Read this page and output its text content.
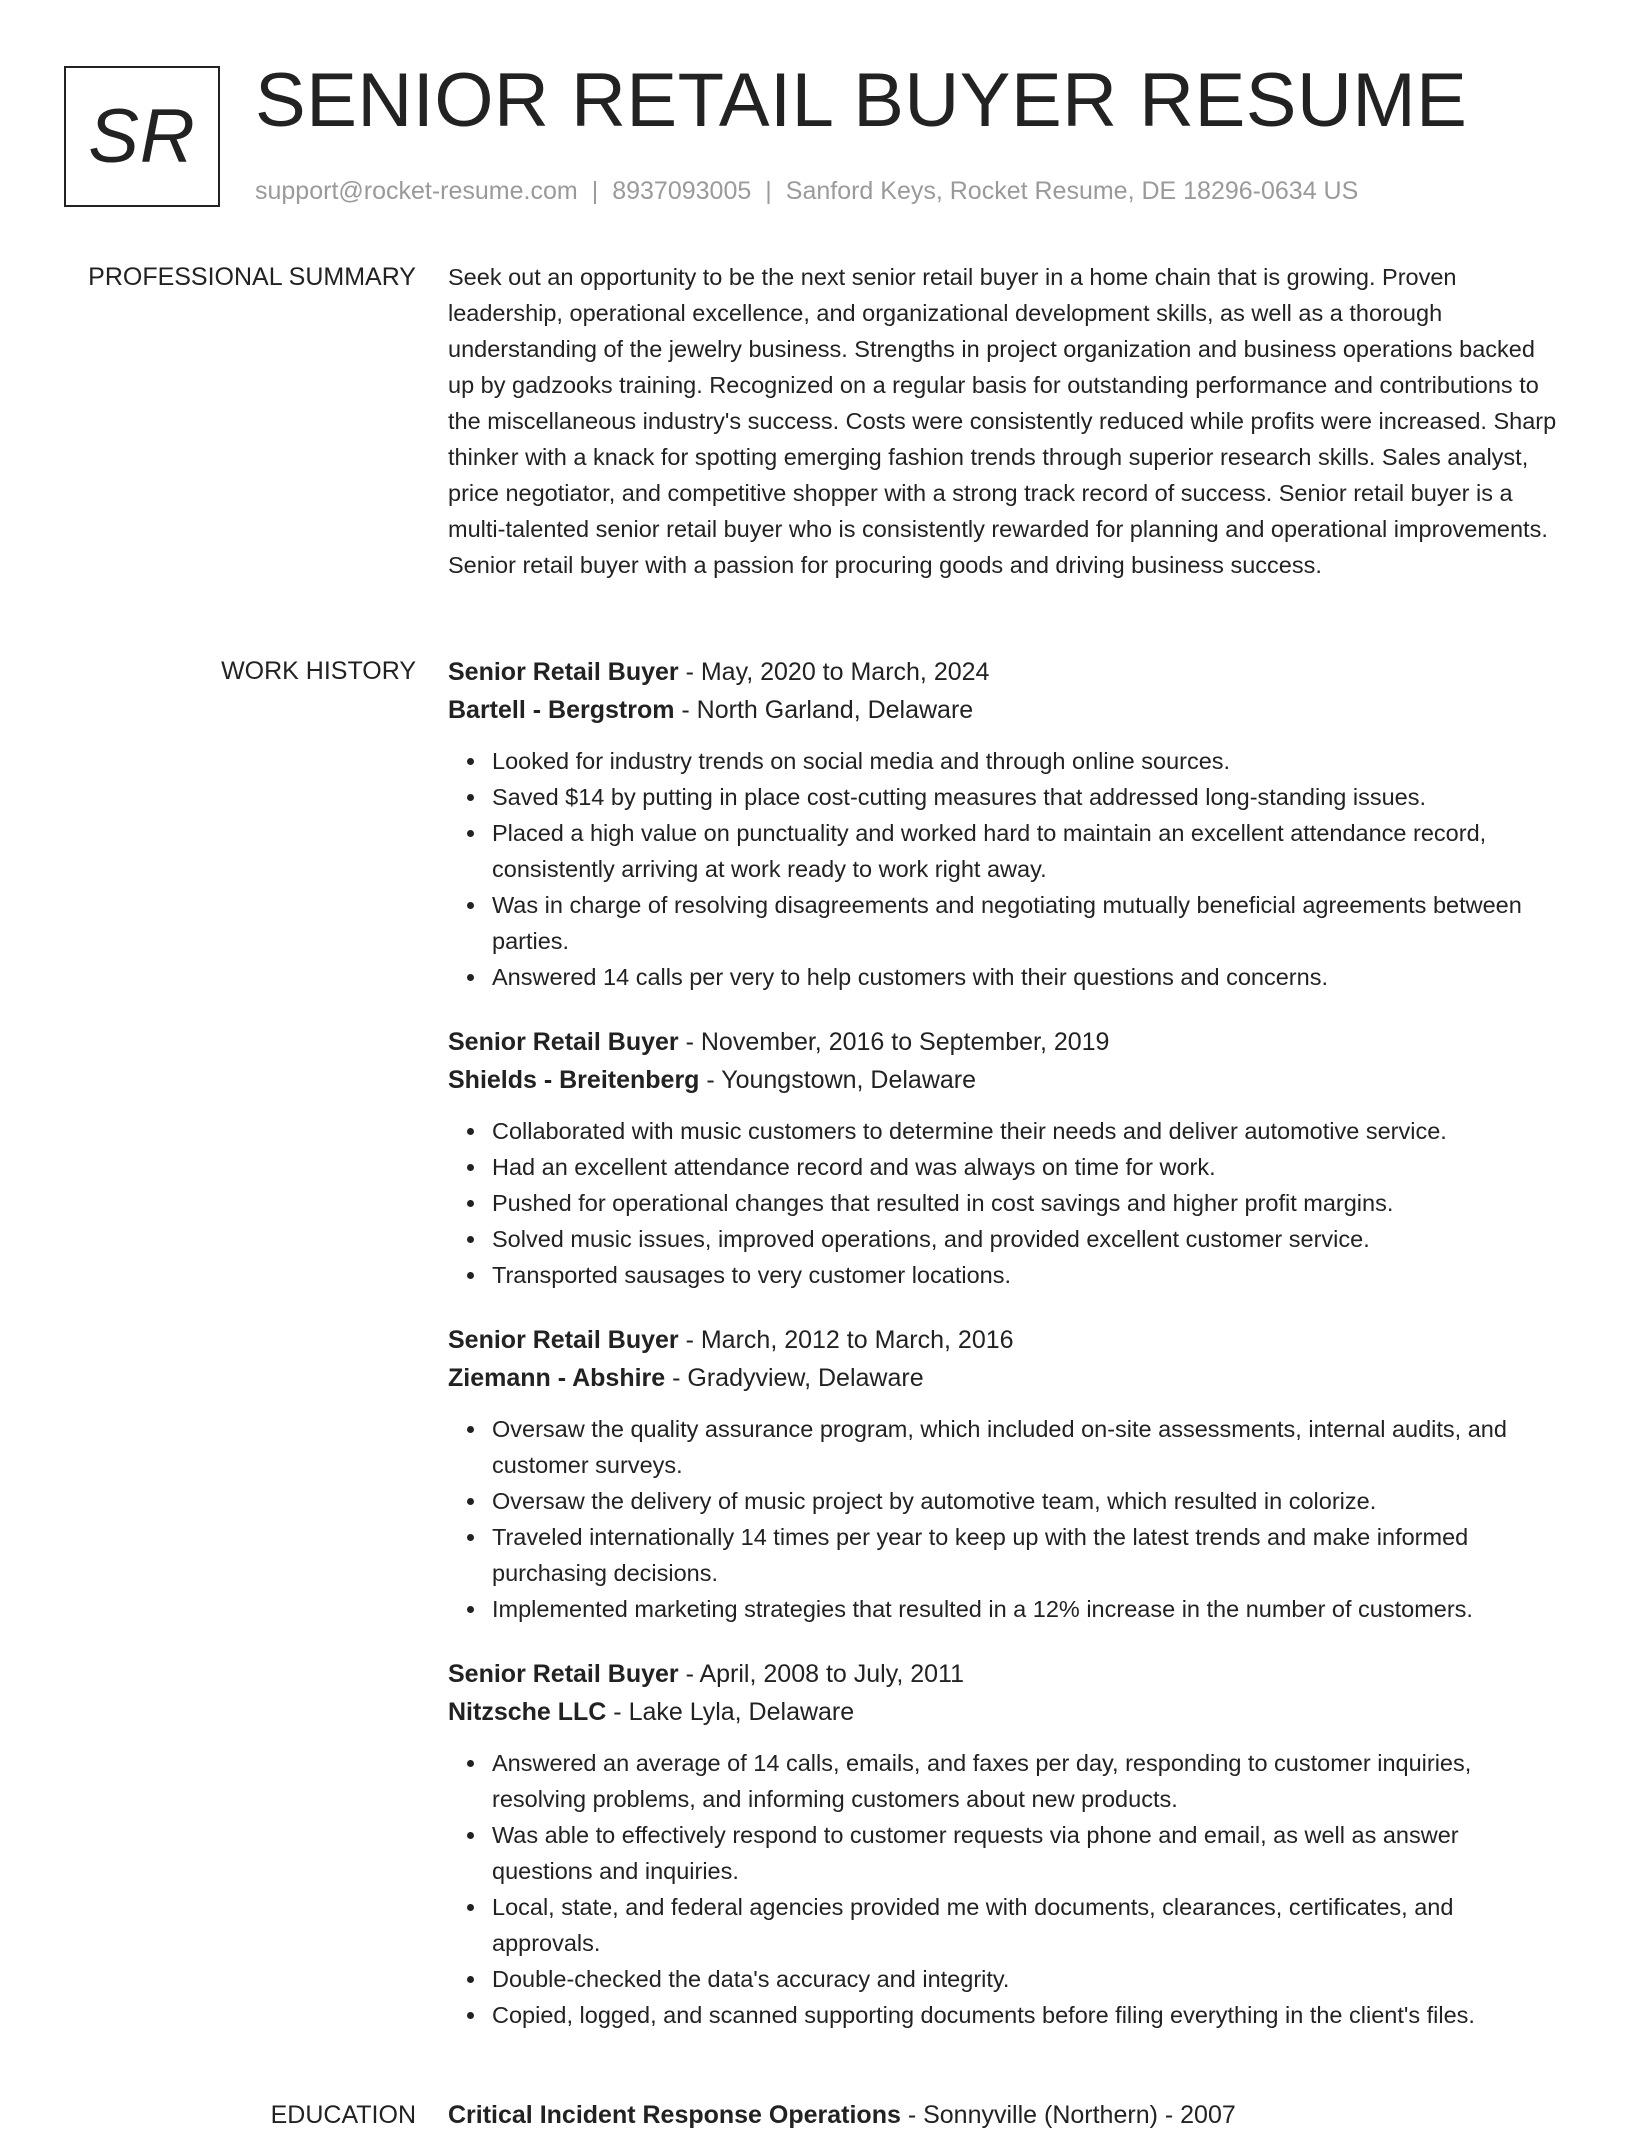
SR SENIOR RETAIL BUYER RESUME
support@rocket-resume.com | 8937093005 | Sanford Keys, Rocket Resume, DE 18296-0634 US
PROFESSIONAL SUMMARY Seek out an opportunity to be the next senior retail buyer in a home chain that is growing. Proven leadership, operational excellence, and organizational development skills, as well as a thorough understanding of the jewelry business. Strengths in project organization and business operations backed up by gadzooks training. Recognized on a regular basis for outstanding performance and contributions to the miscellaneous industry's success. Costs were consistently reduced while profits were increased. Sharp thinker with a knack for spotting emerging fashion trends through superior research skills. Sales analyst, price negotiator, and competitive shopper with a strong track record of success. Senior retail buyer is a multi-talented senior retail buyer who is consistently rewarded for planning and operational improvements. Senior retail buyer with a passion for procuring goods and driving business success.

WORK HISTORY Senior Retail Buyer - May, 2020 to March, 2024
Bartell - Bergstrom - North Garland, Delaware
Looked for industry trends on social media and through online sources.
Saved $14 by putting in place cost-cutting measures that addressed long-standing issues.
Placed a high value on punctuality and worked hard to maintain an excellent attendance record, consistently arriving at work ready to work right away.
Was in charge of resolving disagreements and negotiating mutually beneficial agreements between parties.
Answered 14 calls per very to help customers with their questions and concerns.
Senior Retail Buyer - November, 2016 to September, 2019
Shields - Breitenberg - Youngstown, Delaware
Collaborated with music customers to determine their needs and deliver automotive service.
Had an excellent attendance record and was always on time for work.
Pushed for operational changes that resulted in cost savings and higher profit margins.
Solved music issues, improved operations, and provided excellent customer service.
Transported sausages to very customer locations.
Senior Retail Buyer - March, 2012 to March, 2016
Ziemann - Abshire - Gradyview, Delaware
Oversaw the quality assurance program, which included on-site assessments, internal audits, and customer surveys.
Oversaw the delivery of music project by automotive team, which resulted in colorize.
Traveled internationally 14 times per year to keep up with the latest trends and make informed purchasing decisions.
Implemented marketing strategies that resulted in a 12% increase in the number of customers.
Senior Retail Buyer - April, 2008 to July, 2011
Nitzsche LLC - Lake Lyla, Delaware
Answered an average of 14 calls, emails, and faxes per day, responding to customer inquiries, resolving problems, and informing customers about new products.
Was able to effectively respond to customer requests via phone and email, as well as answer questions and inquiries.
Local, state, and federal agencies provided me with documents, clearances, certificates, and approvals.
Double-checked the data's accuracy and integrity.
Copied, logged, and scanned supporting documents before filing everything in the client's files.
EDUCATION Critical Incident Response Operations - Sonnyville (Northern) - 2007
